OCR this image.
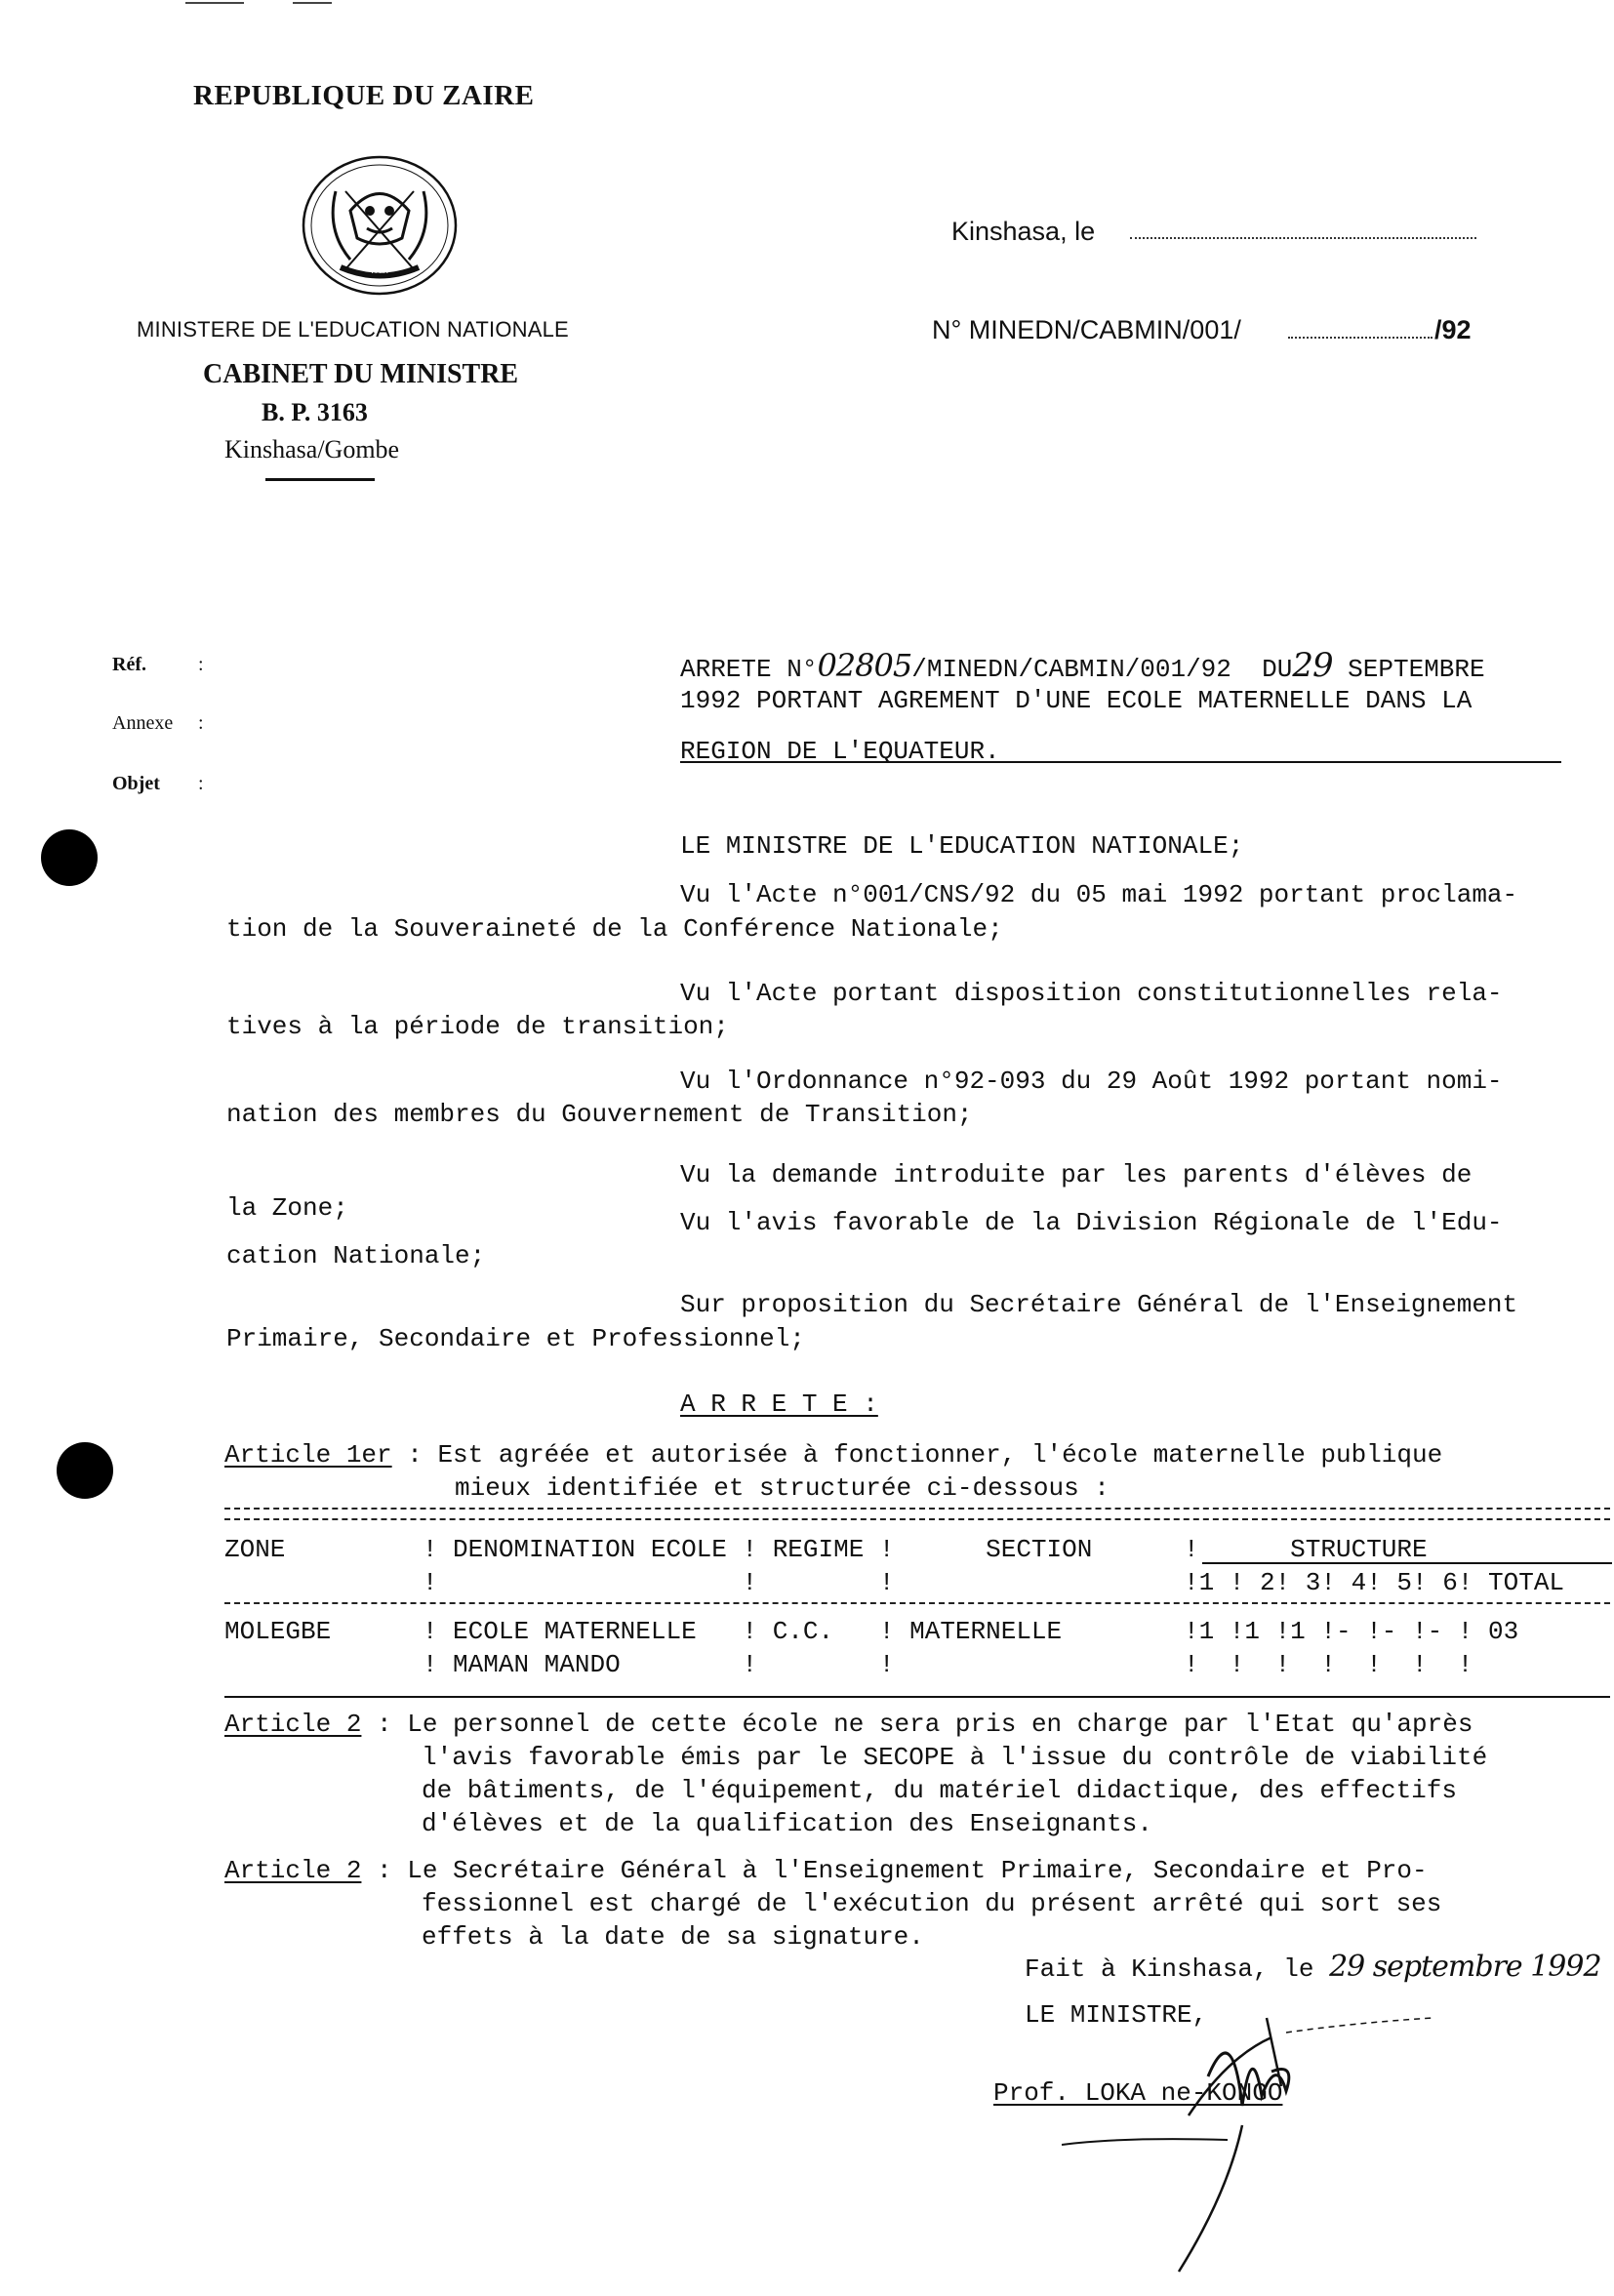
REPUBLIQUE DU ZAIRE

PAIX

MINISTERE DE L'EDUCATION NATIONALE
CABINET DU MINISTRE
B. P. 3163
Kinshasa/Gombe
Kinshasa, le
N° MINEDN/CABMIN/001/	/92
Réf.	:
Annexe :
Objet :
ARRETE N°02805/MINEDN/CABMIN/001/92  DU29 SEPTEMBRE
1992 PORTANT AGREMENT D'UNE ECOLE MATERNELLE DANS LA
REGION DE L'EQUATEUR.
LE MINISTRE DE L'EDUCATION NATIONALE;
Vu l'Acte n°001/CNS/92 du 05 mai 1992 portant proclama-
tion de la Souveraineté de la Conférence Nationale;
Vu l'Acte portant disposition constitutionnelles rela-
tives à la période de transition;
Vu l'Ordonnance n°92-093 du 29 Août 1992 portant nomi-
nation des membres du Gouvernement de Transition;
Vu la demande introduite par les parents d'élèves de
la Zone;	Vu l'avis favorable de la Division Régionale de l'Edu-
cation Nationale;
Sur proposition du Secrétaire Général de l'Enseignement
Primaire, Secondaire et Professionnel;
A R R E T E :
Article 1er : Est agréée et autorisée à fonctionner, l'école maternelle publique
mieux identifiée et structurée ci-dessous :
ZONE         ! DENOMINATION ECOLE ! REGIME !      SECTION      !      STRUCTURE
!                    !        !                   !1 ! 2! 3! 4! 5! 6! TOTAL
MOLEGBE      ! ECOLE MATERNELLE   ! C.C.   ! MATERNELLE        !1 !1 !1 !- !- !- ! 03
! MAMAN MANDO        !        !                   !  !  !  !  !  !  !
Article 2 : Le personnel de cette école ne sera pris en charge par l'Etat qu'après
l'avis favorable émis par le SECOPE à l'issue du contrôle de viabilité
de bâtiments, de l'équipement, du matériel didactique, des effectifs
d'élèves et de la qualification des Enseignants.
Article 2 : Le Secrétaire Général à l'Enseignement Primaire, Secondaire et Pro-
fessionnel est chargé de l'exécution du présent arrêté qui sort ses
effets à la date de sa signature.
Fait à Kinshasa, le 29 septembre 1992
LE MINISTRE,
Prof. LOKA ne-KONGO
